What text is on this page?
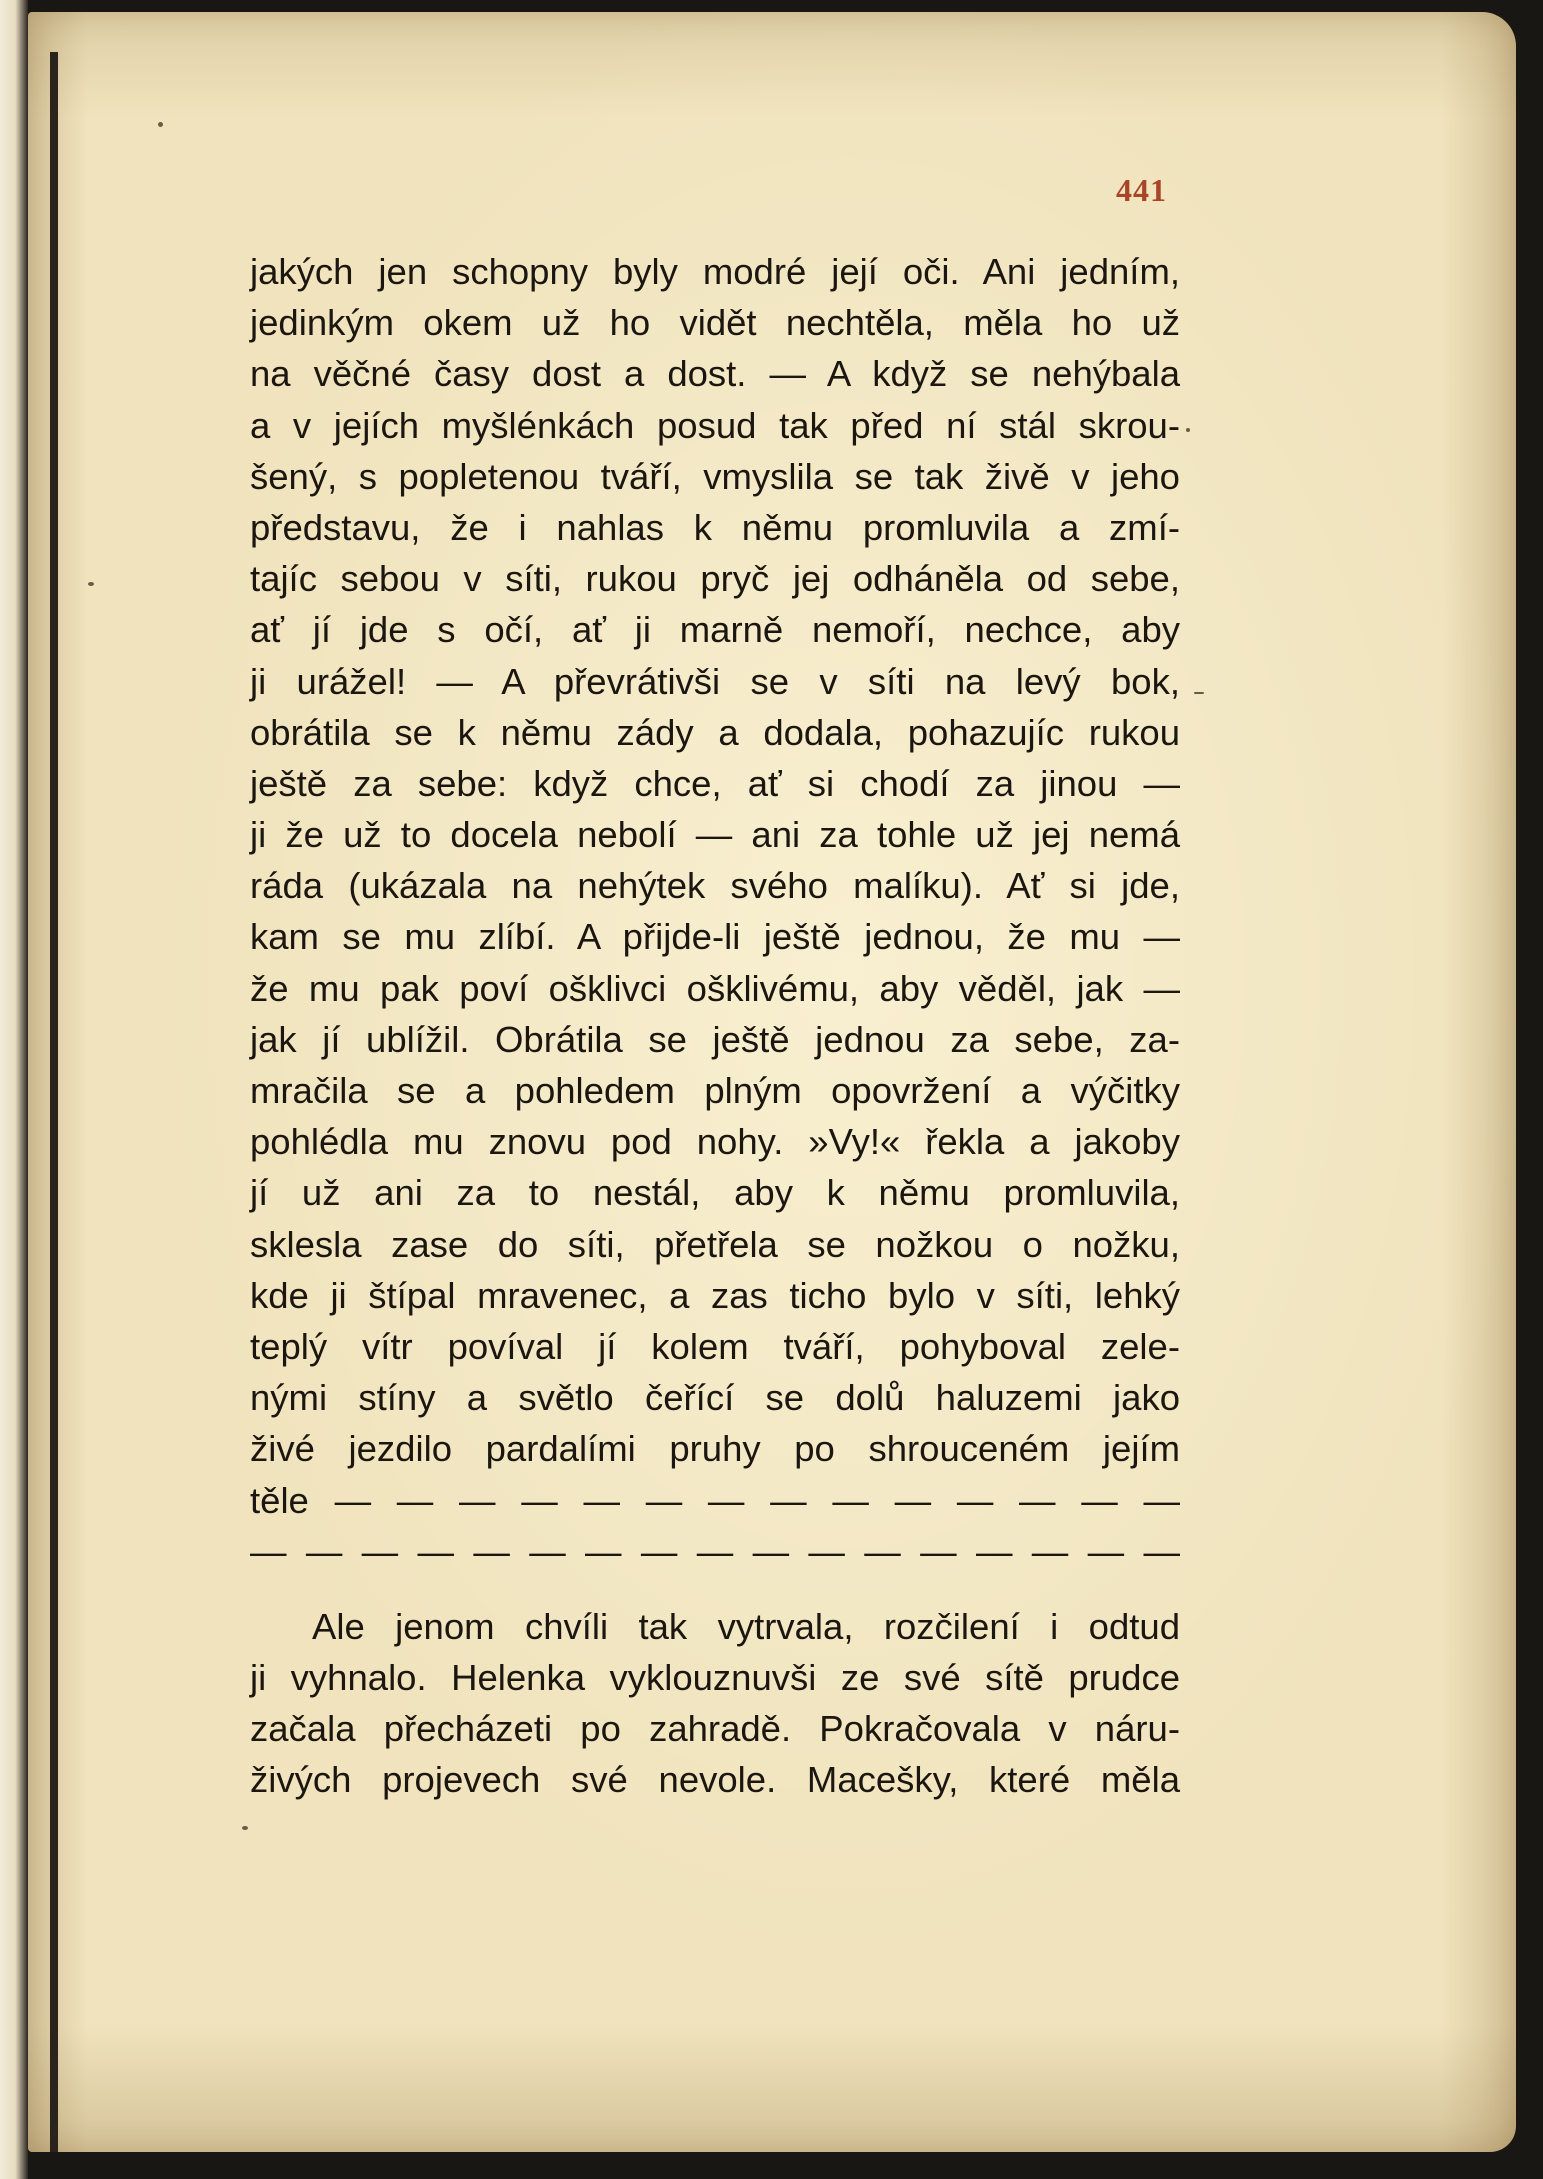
441
jakých jen schopny byly modré její oči. Ani jedním,
jedinkým okem už ho vidět nechtěla, měla ho už
na věčné časy dost a dost. — A když se nehýbala
a v jejích myšlénkách posud tak před ní stál skrou-
šený, s popletenou tváří, vmyslila se tak živě v jeho
představu, že i nahlas k němu promluvila a zmí-
tajíc sebou v síti, rukou pryč jej odháněla od sebe,
ať jí jde s očí, ať ji marně nemoří, nechce, aby
ji urážel! — A převrátivši se v síti na levý bok,
obrátila se k němu zády a dodala, pohazujíc rukou
ještě za sebe: když chce, ať si chodí za jinou —
ji že už to docela nebolí — ani za tohle už jej nemá
ráda (ukázala na nehýtek svého malíku). Ať si jde,
kam se mu zlíbí. A přijde-li ještě jednou, že mu —
že mu pak poví ošklivci ošklivému, aby věděl, jak —
jak jí ublížil. Obrátila se ještě jednou za sebe, za-
mračila se a pohledem plným opovržení a výčitky
pohlédla mu znovu pod nohy. »Vy!« řekla a jakoby
jí už ani za to nestál, aby k němu promluvila,
sklesla zase do síti, přetřela se nožkou o nožku,
kde ji štípal mravenec, a zas ticho bylo v síti, lehký
teplý vítr povíval jí kolem tváří, pohyboval zele-
nými stíny a světlo čeřící se dolů haluzemi jako
živé jezdilo pardalími pruhy po shrouceném jejím
těle — — — — — — — — — — — — — —
— — — — — — — — — — — — — — — — —
Ale jenom chvíli tak vytrvala, rozčilení i odtud
ji vyhnalo. Helenka vyklouznuvši ze své sítě prudce
začala přecházeti po zahradě. Pokračovala v náru-
živých projevech své nevole. Macešky, které měla
